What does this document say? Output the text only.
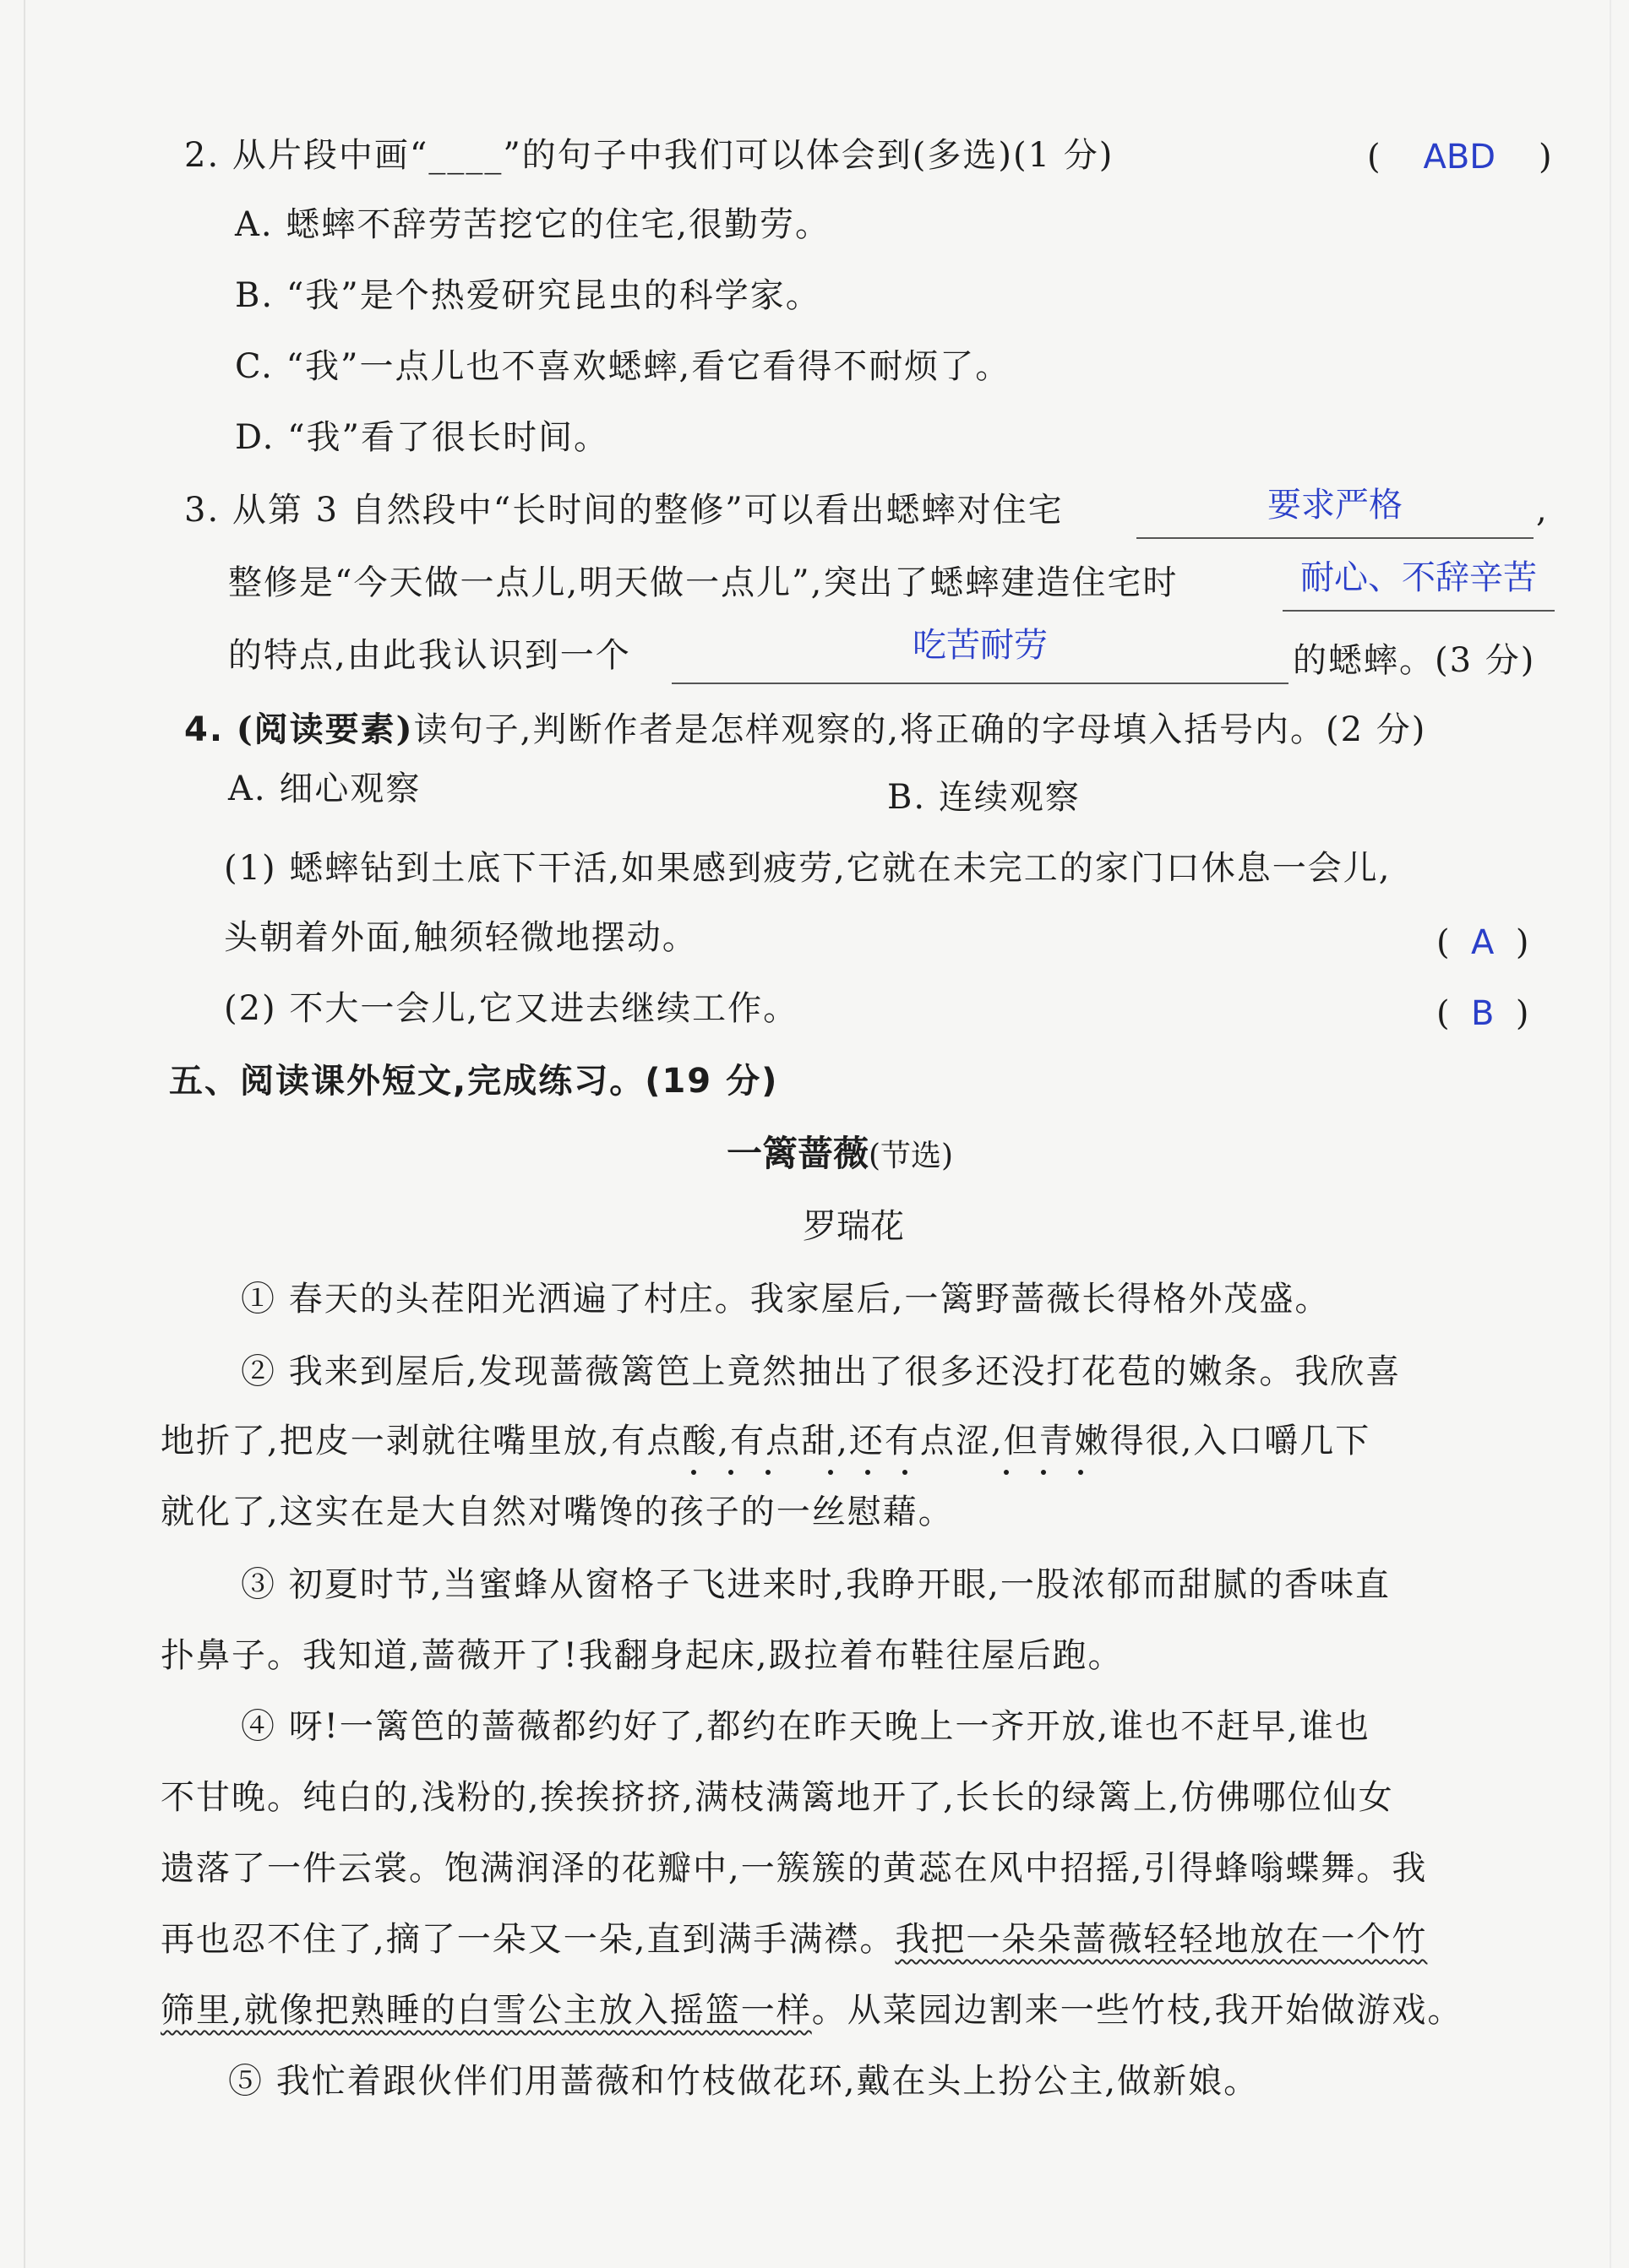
2. 从片段中画“____”的句子中我们可以体会到(多选)(1 分)	(    ABD    )
A. 蟋蟀不辞劳苦挖它的住宅,很勤劳。
B. “我”是个热爱研究昆虫的科学家。
C. “我”一点儿也不喜欢蟋蟀,看它看得不耐烦了。
D. “我”看了很长时间。
3. 从第 3 自然段中“长时间的整修”可以看出蟋蟀对住宅	要求严格	,
整修是“今天做一点儿,明天做一点儿”,突出了蟋蟀建造住宅时	耐心、不辞辛苦
的特点,由此我认识到一个	吃苦耐劳	的蟋蟀。(3 分)
4. (阅读要素)读句子,判断作者是怎样观察的,将正确的字母填入括号内。(2 分)
A. 细心观察	B. 连续观察
(1) 蟋蟀钻到土底下干活,如果感到疲劳,它就在未完工的家门口休息一会儿,
头朝着外面,触须轻微地摆动。	(  A  )
(2) 不大一会儿,它又进去继续工作。	(  B  )
五、阅读课外短文,完成练习。(19 分)
一篱蔷薇(节选)
罗瑞花
① 春天的头茬阳光洒遍了村庄。我家屋后,一篱野蔷薇长得格外茂盛。
② 我来到屋后,发现蔷薇篱笆上竟然抽出了很多还没打花苞的嫩条。我欣喜
地折了,把皮一剥就往嘴里放,有点酸,有点甜,还有点涩,但青嫩得很,入口嚼几下
就化了,这实在是大自然对嘴馋的孩子的一丝慰藉。
③ 初夏时节,当蜜蜂从窗格子飞进来时,我睁开眼,一股浓郁而甜腻的香味直
扑鼻子。我知道,蔷薇开了!我翻身起床,趿拉着布鞋往屋后跑。
④ 呀!一篱笆的蔷薇都约好了,都约在昨天晚上一齐开放,谁也不赶早,谁也
不甘晚。纯白的,浅粉的,挨挨挤挤,满枝满篱地开了,长长的绿篱上,仿佛哪位仙女
遗落了一件云裳。饱满润泽的花瓣中,一簇簇的黄蕊在风中招摇,引得蜂嗡蝶舞。我
再也忍不住了,摘了一朵又一朵,直到满手满襟。我把一朵朵蔷薇轻轻地放在一个竹
筛里,就像把熟睡的白雪公主放入摇篮一样。从菜园边割来一些竹枝,我开始做游戏。
⑤ 我忙着跟伙伴们用蔷薇和竹枝做花环,戴在头上扮公主,做新娘。
